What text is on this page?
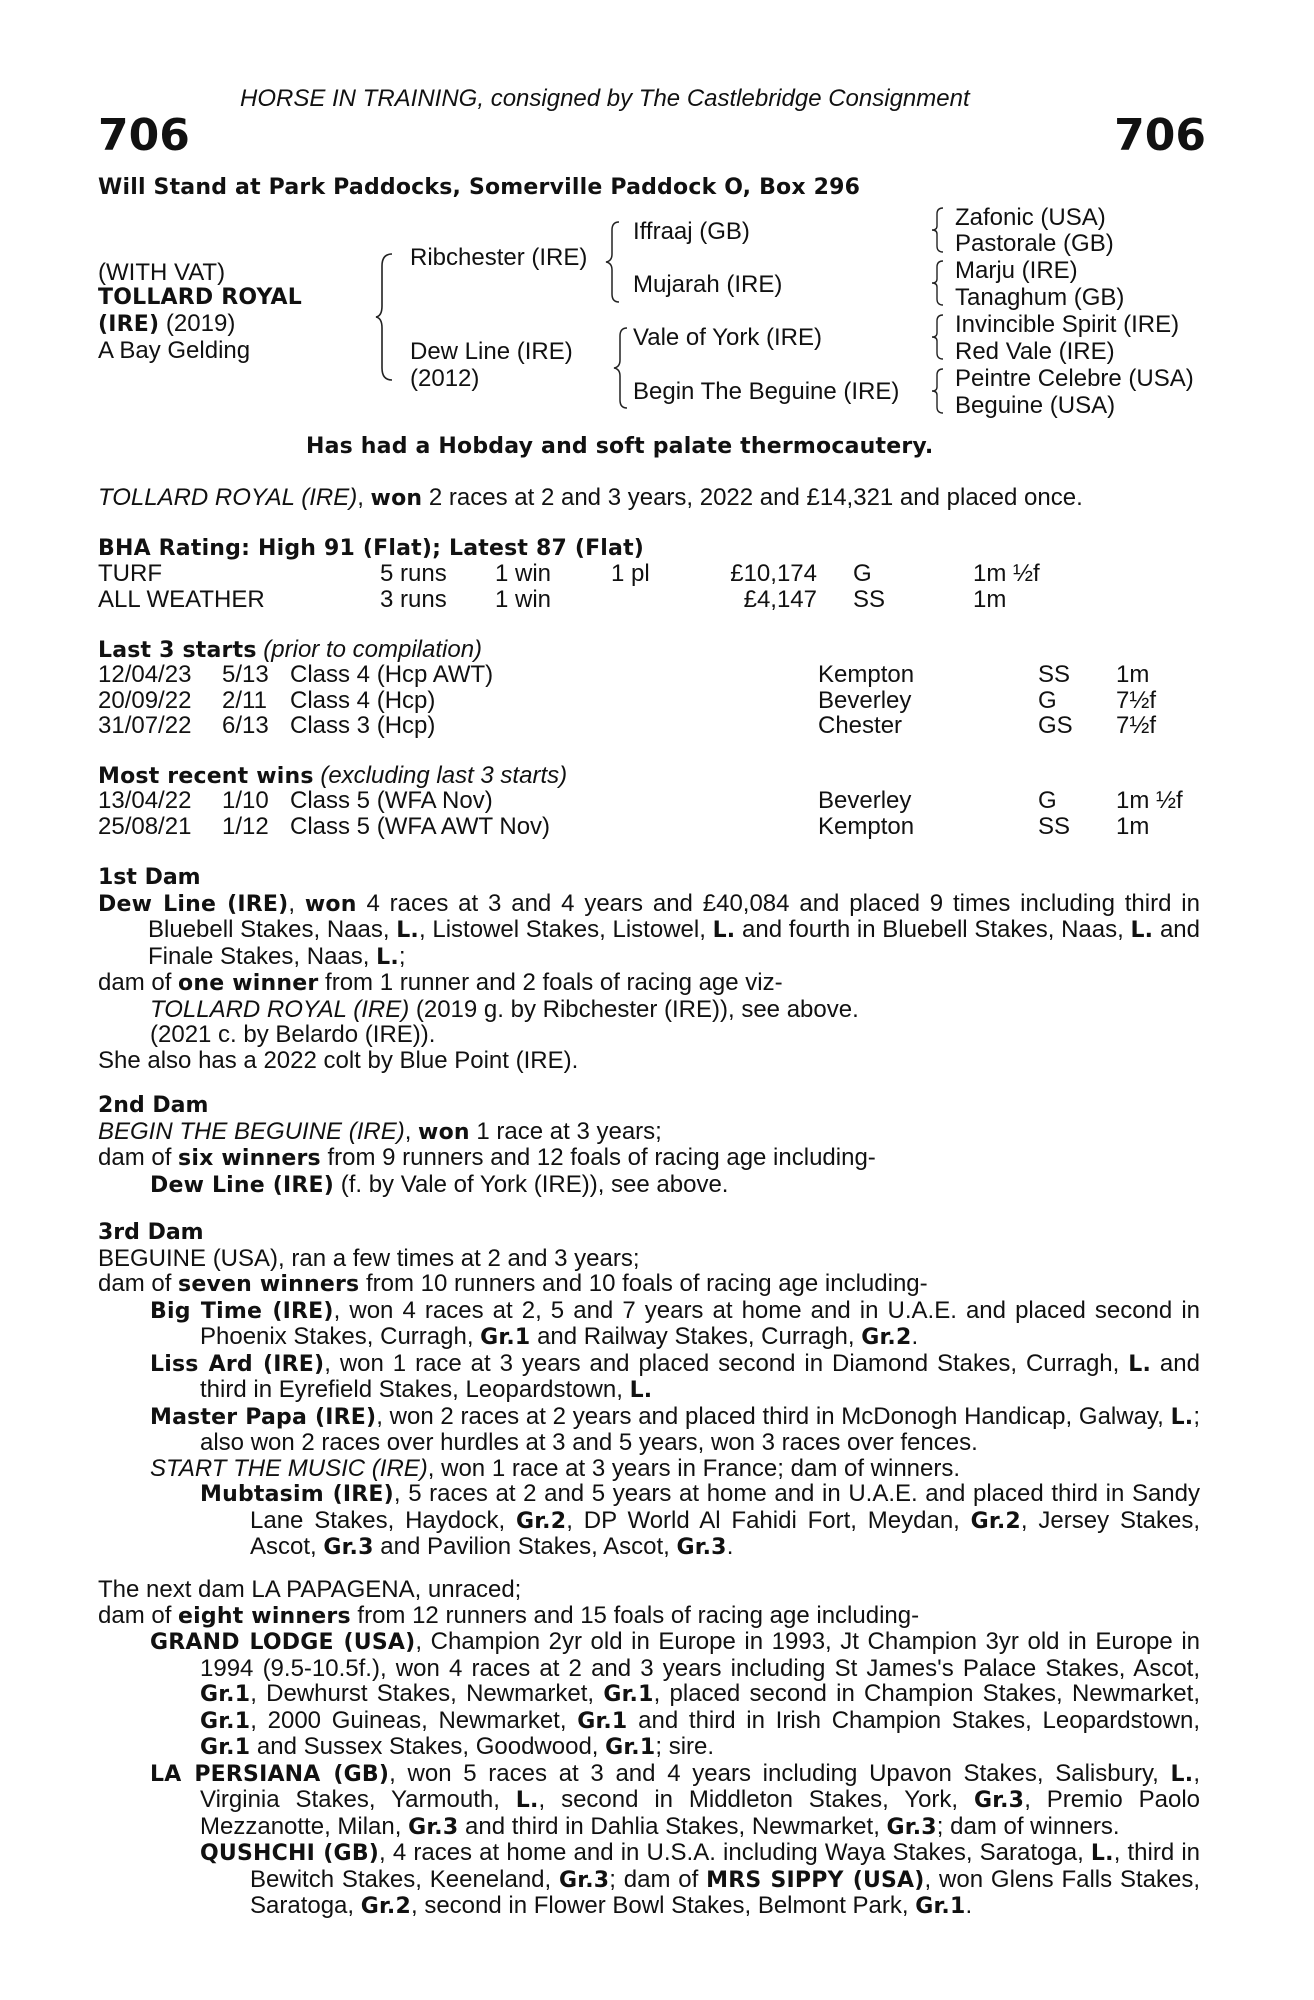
HORSE IN TRAINING, consigned by The Castlebridge Consignment
706	706
Will Stand at Park Paddocks, Somerville Paddock O, Box 296
(WITH VAT)
TOLLARD ROYAL
(IRE) (2019)
A Bay Gelding
Ribchester (IRE)
Dew Line (IRE)
(2012)
Iffraaj (GB)
Mujarah (IRE)
Vale of York (IRE)
Begin The Beguine (IRE)
Zafonic (USA)
Pastorale (GB)
Marju (IRE)
Tanaghum (GB)
Invincible Spirit (IRE)
Red Vale (IRE)
Peintre Celebre (USA)
Beguine (USA)
Has had a Hobday and soft palate thermocautery.
TOLLARD ROYAL (IRE), won 2 races at 2 and 3 years, 2022 and £14,321 and placed once.
BHA Rating: High 91 (Flat); Latest 87 (Flat)
TURF	5 runs	1 win	1 pl	£10,174	G	1m ½f
ALL WEATHER	3 runs	1 win		£4,147	SS	1m
Last 3 starts (prior to compilation)
12/04/23	5/13	Class 4 (Hcp AWT)	Kempton	SS	1m
20/09/22	2/11	Class 4 (Hcp)	Beverley	G	7½f
31/07/22	6/13	Class 3 (Hcp)	Chester	GS	7½f
Most recent wins (excluding last 3 starts)
13/04/22	1/10	Class 5 (WFA Nov)	Beverley	G	1m ½f
25/08/21	1/12	Class 5 (WFA AWT Nov)	Kempton	SS	1m

1st Dam

Dew Line (IRE), won 4 races at 3 and 4 years and £40,084 and placed 9 times including third in Bluebell Stakes, Naas, L., Listowel Stakes, Listowel, L. and fourth in Bluebell Stakes, Naas, L. and Finale Stakes, Naas, L.;

dam of one winner from 1 runner and 2 foals of racing age viz-

TOLLARD ROYAL (IRE) (2019 g. by Ribchester (IRE)), see above.

(2021 c. by Belardo (IRE)).

She also has a 2022 colt by Blue Point (IRE).

2nd Dam

BEGIN THE BEGUINE (IRE), won 1 race at 3 years;

dam of six winners from 9 runners and 12 foals of racing age including-

Dew Line (IRE) (f. by Vale of York (IRE)), see above.

3rd Dam

BEGUINE (USA), ran a few times at 2 and 3 years;

dam of seven winners from 10 runners and 10 foals of racing age including-

Big Time (IRE), won 4 races at 2, 5 and 7 years at home and in U.A.E. and placed second in Phoenix Stakes, Curragh, Gr.1 and Railway Stakes, Curragh, Gr.2.

Liss Ard (IRE), won 1 race at 3 years and placed second in Diamond Stakes, Curragh, L. and third in Eyrefield Stakes, Leopardstown, L.

Master Papa (IRE), won 2 races at 2 years and placed third in McDonogh Handicap, Galway, L.; also won 2 races over hurdles at 3 and 5 years, won 3 races over fences.

START THE MUSIC (IRE), won 1 race at 3 years in France; dam of winners.

Mubtasim (IRE), 5 races at 2 and 5 years at home and in U.A.E. and placed third in Sandy Lane Stakes, Haydock, Gr.2, DP World Al Fahidi Fort, Meydan, Gr.2, Jersey Stakes, Ascot, Gr.3 and Pavilion Stakes, Ascot, Gr.3.

The next dam LA PAPAGENA, unraced;

dam of eight winners from 12 runners and 15 foals of racing age including-

GRAND LODGE (USA), Champion 2yr old in Europe in 1993, Jt Champion 3yr old in Europe in 1994 (9.5-10.5f.), won 4 races at 2 and 3 years including St James's Palace Stakes, Ascot, Gr.1, Dewhurst Stakes, Newmarket, Gr.1, placed second in Champion Stakes, Newmarket, Gr.1, 2000 Guineas, Newmarket, Gr.1 and third in Irish Champion Stakes, Leopardstown, Gr.1 and Sussex Stakes, Goodwood, Gr.1; sire.

LA PERSIANA (GB), won 5 races at 3 and 4 years including Upavon Stakes, Salisbury, L., Virginia Stakes, Yarmouth, L., second in Middleton Stakes, York, Gr.3, Premio Paolo Mezzanotte, Milan, Gr.3 and third in Dahlia Stakes, Newmarket, Gr.3; dam of winners.

QUSHCHI (GB), 4 races at home and in U.S.A. including Waya Stakes, Saratoga, L., third in Bewitch Stakes, Keeneland, Gr.3; dam of MRS SIPPY (USA), won Glens Falls Stakes, Saratoga, Gr.2, second in Flower Bowl Stakes, Belmont Park, Gr.1.
